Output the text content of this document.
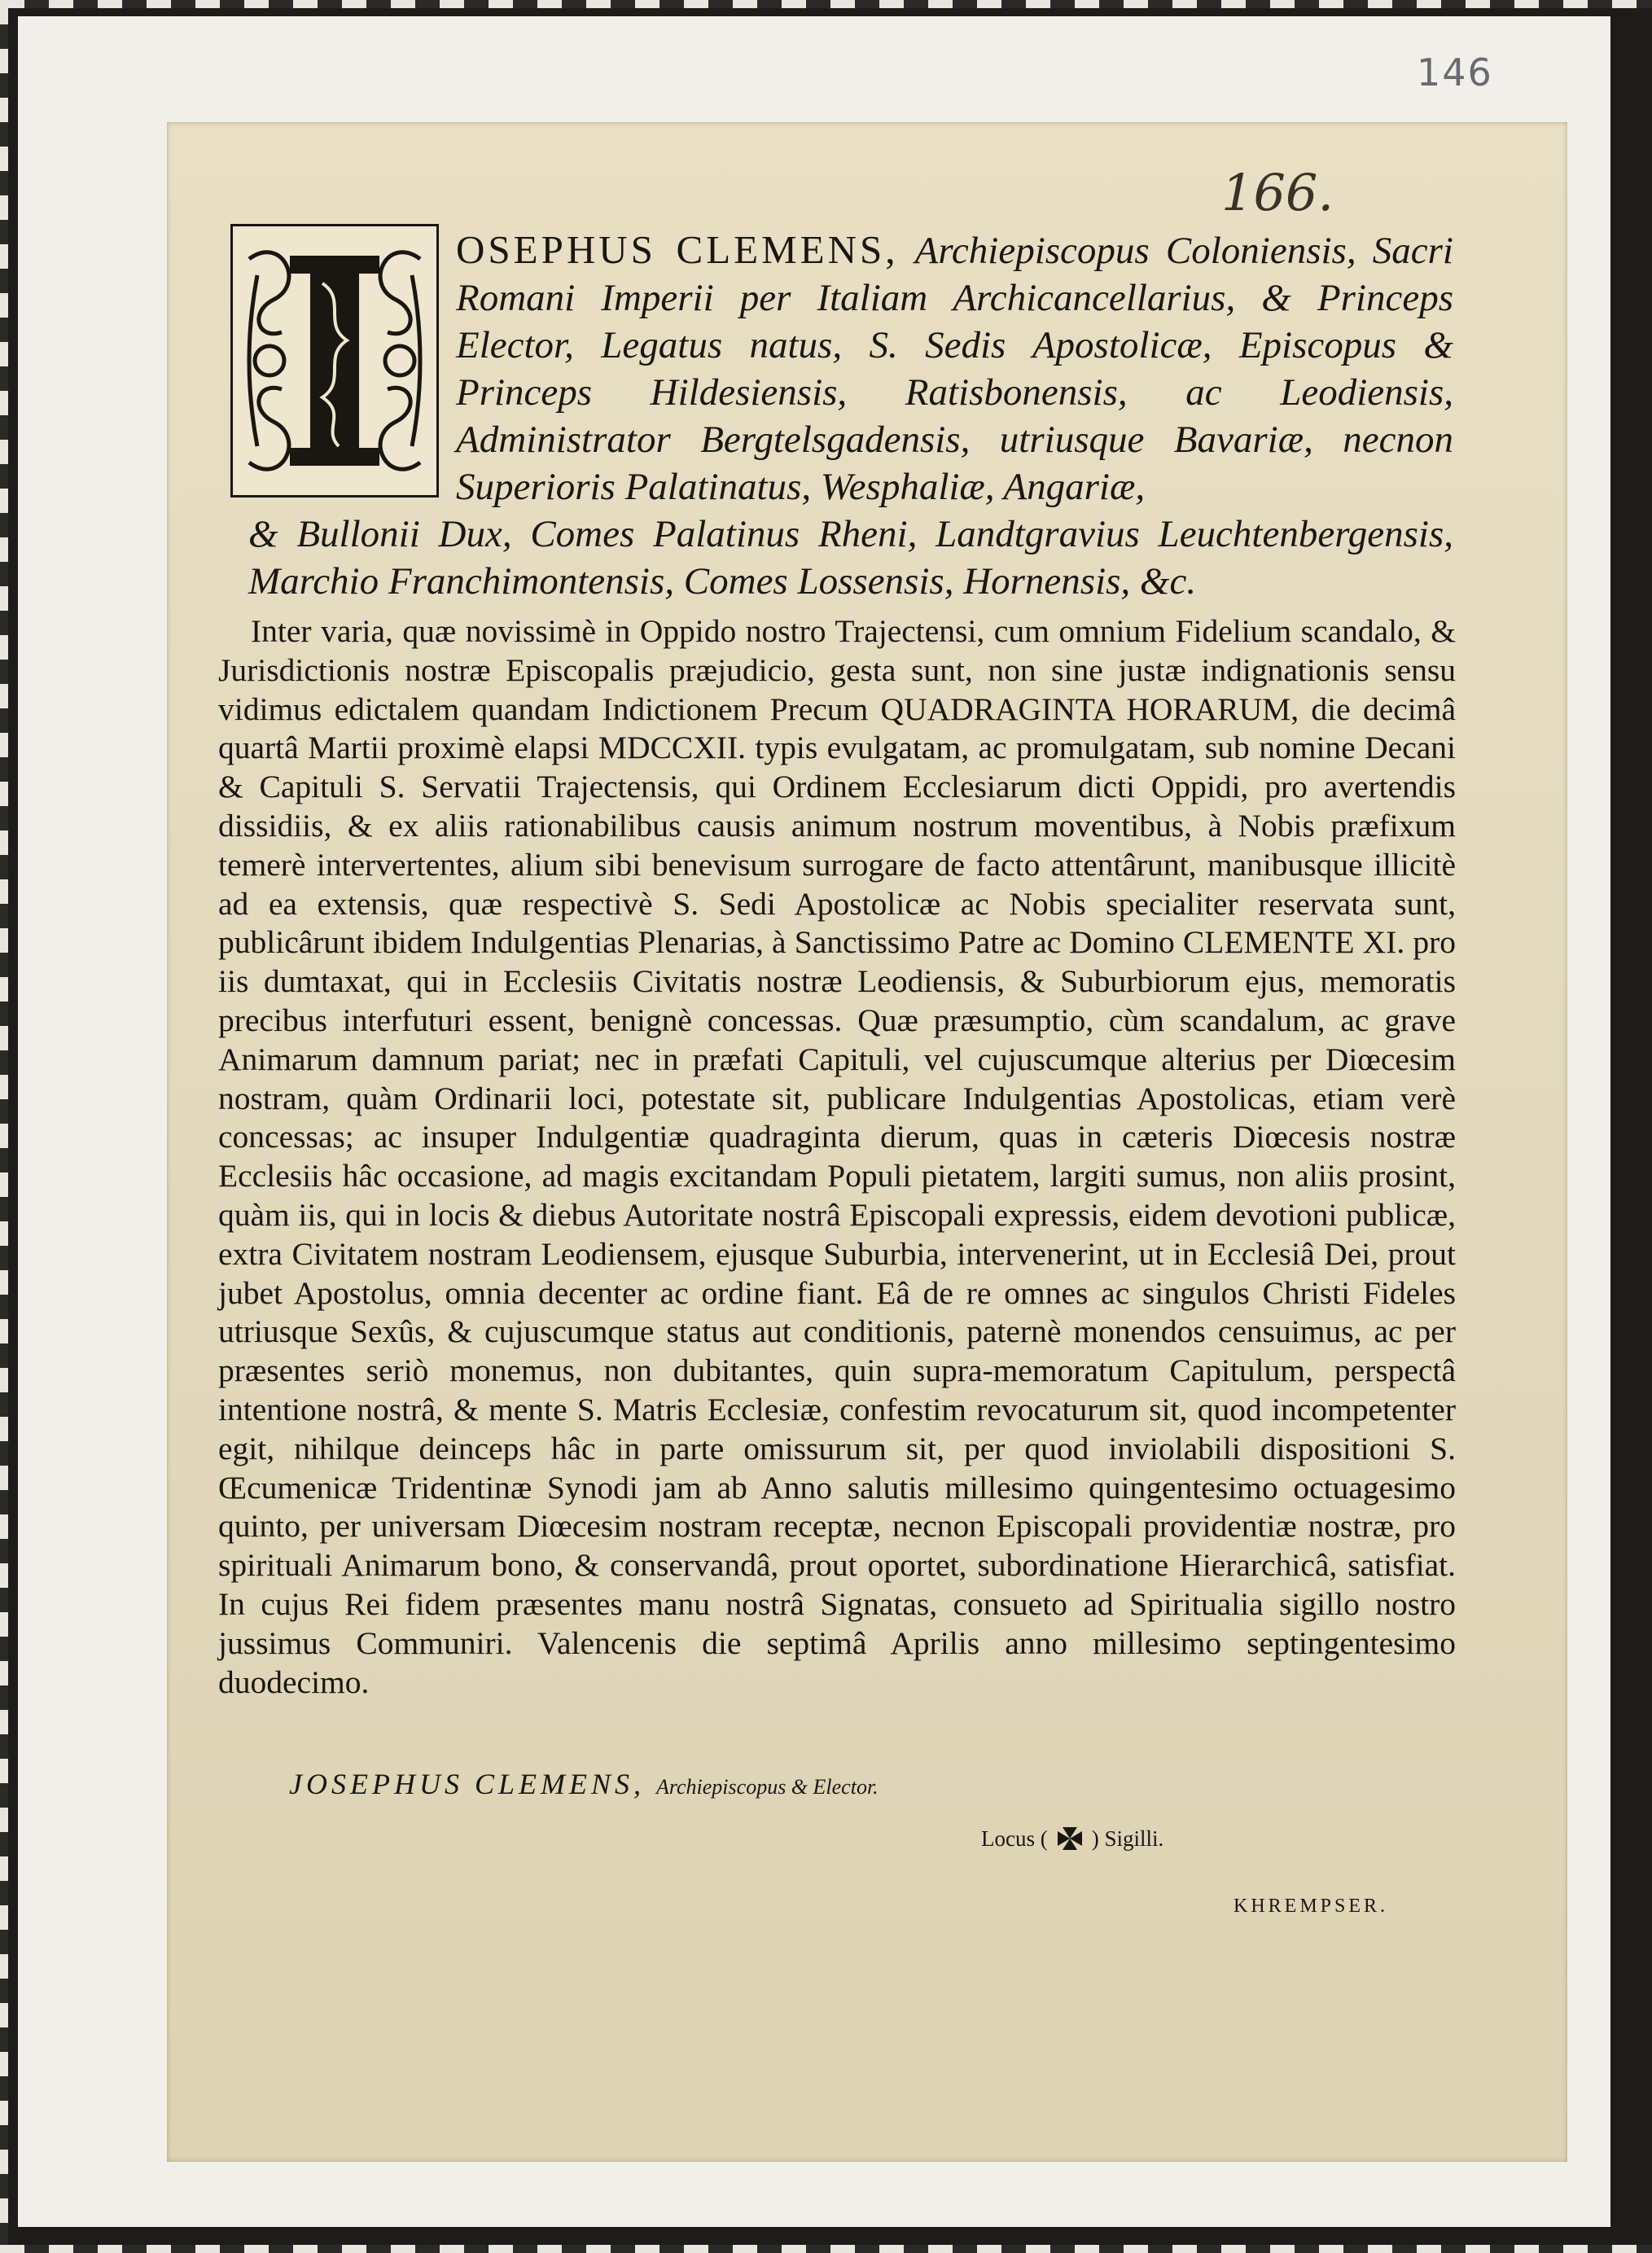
146
166.
OSEPHUS CLEMENS, Archiepiscopus Coloniensis, Sacri Romani Imperii per Italiam Archicancellarius, & Princeps Elector, Legatus natus, S. Sedis Apostolicæ, Episcopus & Princeps Hildesiensis, Ratisbonensis, ac Leodiensis, Administrator Bergtelsgadensis, utriusque Bavariæ, necnon Superioris Palatinatus, Wesphaliæ, Angariæ,
& Bullonii Dux, Comes Palatinus Rheni, Landtgravius Leuchtenbergensis, Marchio Franchimontensis, Comes Lossensis, Hornensis, &c.

Inter varia, quæ novissimè in Oppido nostro Trajectensi, cum omnium Fidelium scandalo, & Jurisdictionis nostræ Episcopalis præjudicio, gesta sunt, non sine justæ indignationis sensu vidimus edictalem quandam Indictionem Precum QUADRAGINTA HORARUM, die decimâ quartâ Martii proximè elapsi MDCCXII. typis evulgatam, ac promulgatam, sub nomine Decani & Capituli S. Servatii Trajectensis, qui Ordinem Ecclesiarum dicti Oppidi, pro avertendis dissidiis, & ex aliis rationabilibus causis animum nostrum moventibus, à Nobis præfixum temerè intervertentes, alium sibi benevisum surrogare de facto attentârunt, manibusque illicitè ad ea extensis, quæ respectivè S. Sedi Apostolicæ ac Nobis specialiter reservata sunt, publicârunt ibidem Indulgentias Plenarias, à Sanctissimo Patre ac Domino CLEMENTE XI. pro iis dumtaxat, qui in Ecclesiis Civitatis nostræ Leodiensis, & Suburbiorum ejus, memoratis precibus interfuturi essent, benignè concessas. Quæ præsumptio, cùm scandalum, ac grave Animarum damnum pariat; nec in præfati Capituli, vel cujuscumque alterius per Diœcesim nostram, quàm Ordinarii loci, potestate sit, publicare Indulgentias Apostolicas, etiam verè concessas; ac insuper Indulgentiæ quadraginta dierum, quas in cæteris Diœcesis nostræ Ecclesiis hâc occasione, ad magis excitandam Populi pietatem, largiti sumus, non aliis prosint, quàm iis, qui in locis & diebus Autoritate nostrâ Episcopali expressis, eidem devotioni publicæ, extra Civitatem nostram Leodiensem, ejusque Suburbia, intervenerint, ut in Ecclesiâ Dei, prout jubet Apostolus, omnia decenter ac ordine fiant. Eâ de re omnes ac singulos Christi Fideles utriusque Sexûs, & cujuscumque status aut conditionis, paternè monendos censuimus, ac per præsentes seriò monemus, non dubitantes, quin supra-memoratum Capitulum, perspectâ intentione nostrâ, & mente S. Matris Ecclesiæ, confestim revocaturum sit, quod incompetenter egit, nihilque deinceps hâc in parte omissurum sit, per quod inviolabili dispositioni S. Œcumenicæ Tridentinæ Synodi jam ab Anno salutis millesimo quingentesimo octuagesimo quinto, per universam Diœcesim nostram receptæ, necnon Episcopali providentiæ nostræ, pro spirituali Animarum bono, & conservandâ, prout oportet, subordinatione Hierarchicâ, satisfiat. In cujus Rei fidem præsentes manu nostrâ Signatas, consueto ad Spiritualia sigillo nostro jussimus Communiri. Valencenis die septimâ Aprilis anno millesimo septingentesimo duodecimo.

JOSEPHUS CLEMENS, Archiepiscopus & Elector.
Locus ( ) Sigilli.
KHREMPSER.
